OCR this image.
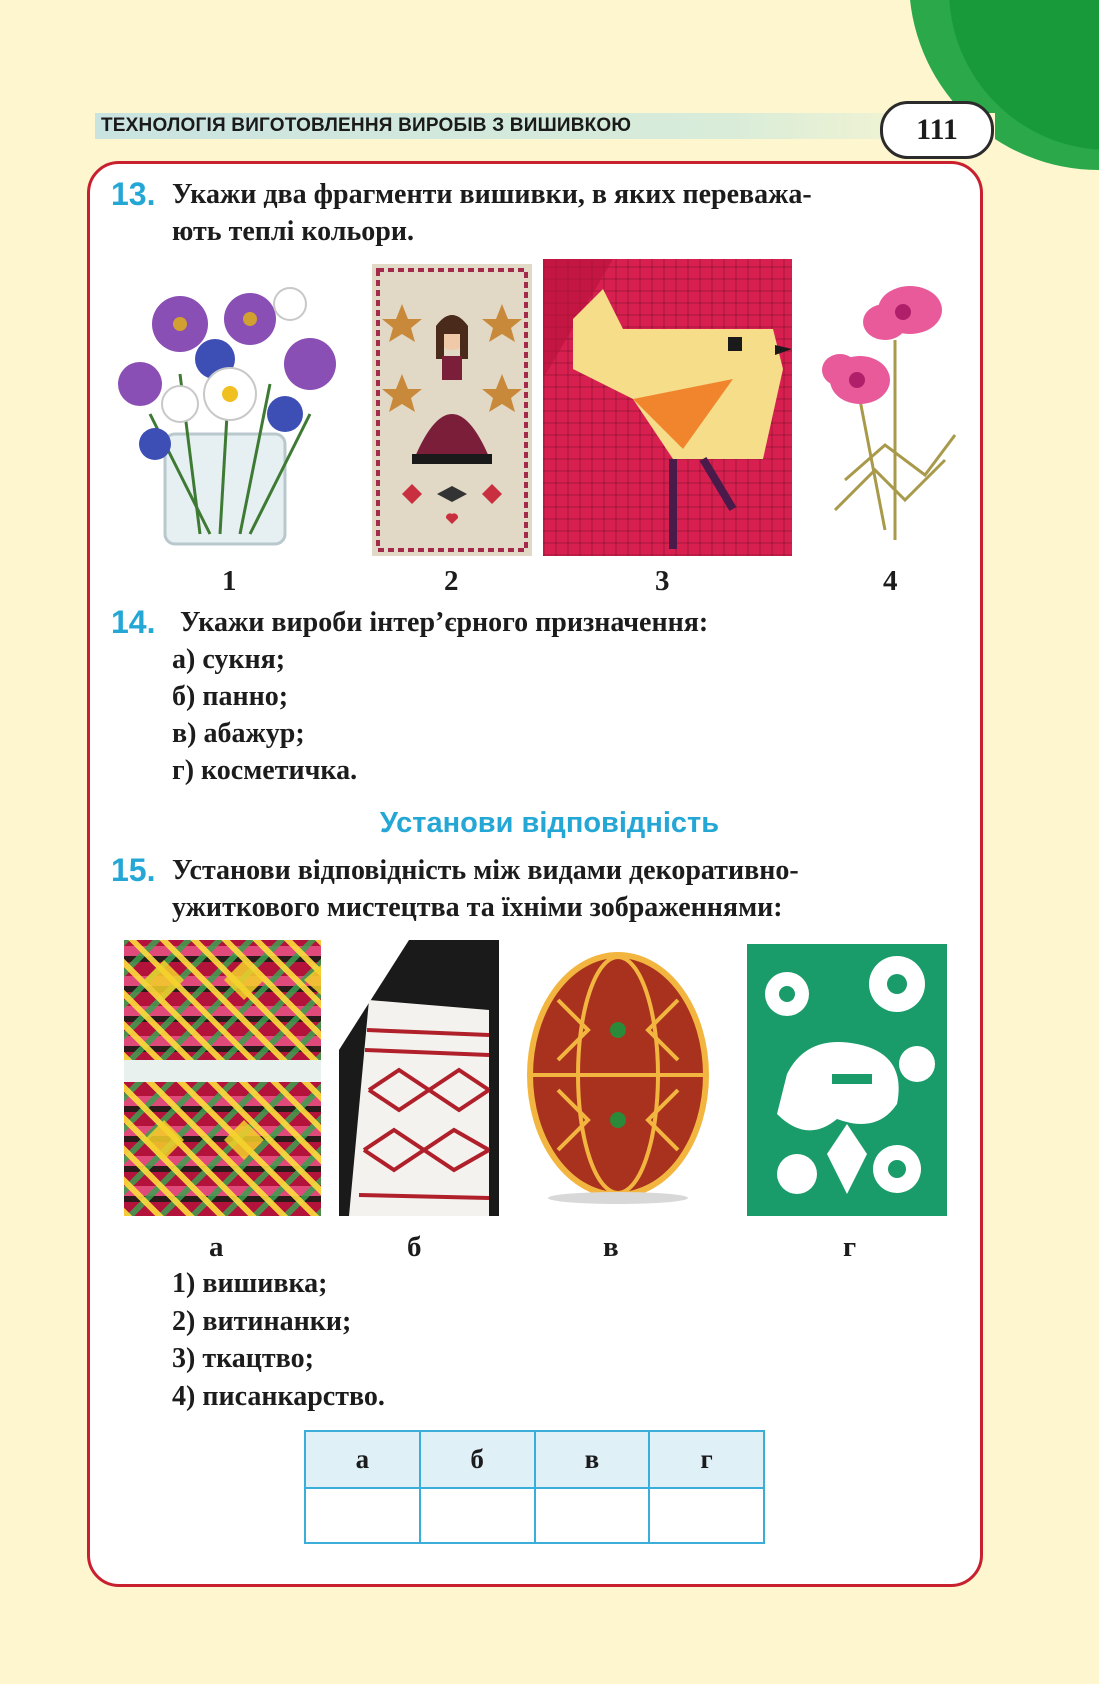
ТЕХНОЛОГІЯ ВИГОТОВЛЕННЯ ВИРОБІВ З ВИШИВКОЮ	111
13. Укажи два фрагменти вишивки, в яких переважа-
ють теплі кольори.
1	2	3	4
14. Укажи вироби інтер’єрного призначення:
а) сукня;
б) панно;
в) абажур;
г) косметичка.
Установи відповідність
15. Установи відповідність між видами декоративно-
ужиткового мистецтва та їхніми зображеннями:
а	б	в	г
1) вишивка;
2) витинанки;
3) ткацтво;
4) писанкарство.
а	б	в	г
